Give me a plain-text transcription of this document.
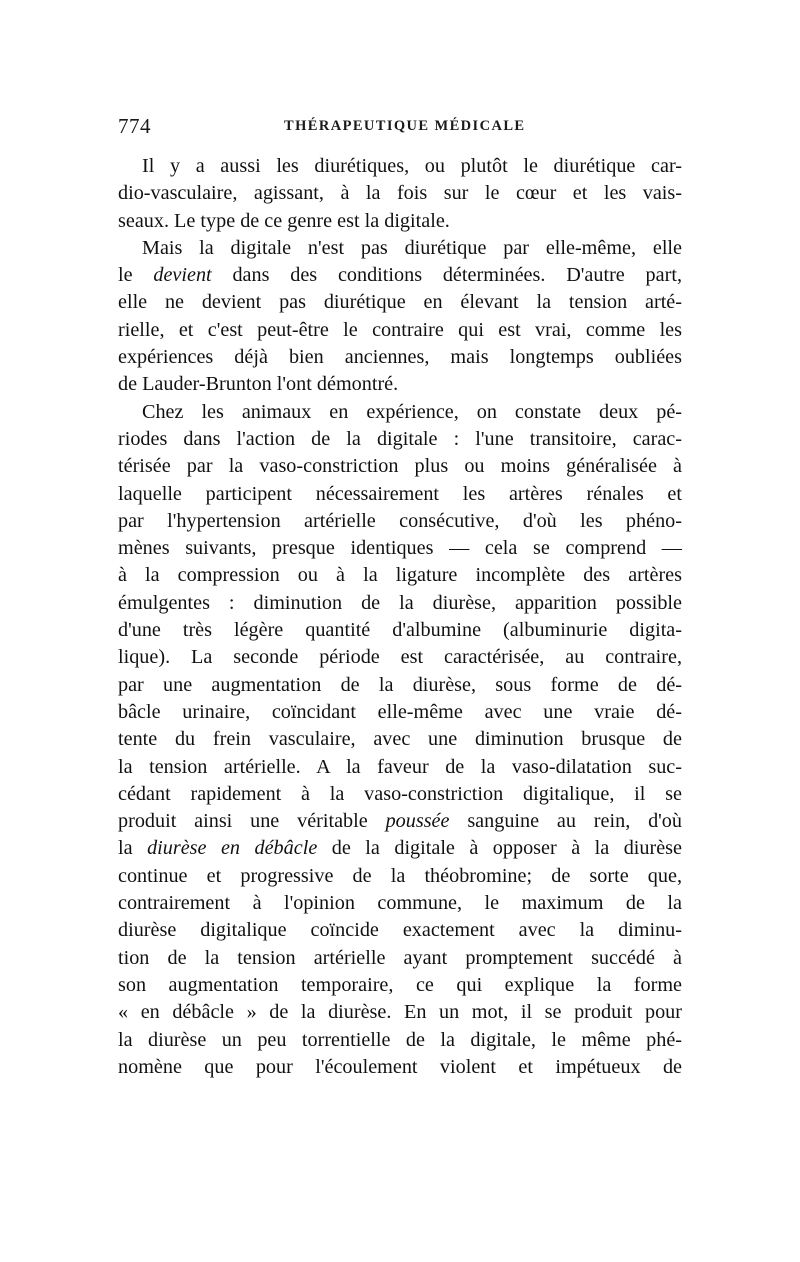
774	THÉRAPEUTIQUE MÉDICALE
Il y a aussi les diurétiques, ou plutôt le diurétique car-
dio-vasculaire, agissant, à la fois sur le cœur et les vais-
seaux. Le type de ce genre est la digitale.
Mais la digitale n'est pas diurétique par elle-même, elle
le devient dans des conditions déterminées. D'autre part,
elle ne devient pas diurétique en élevant la tension arté-
rielle, et c'est peut-être le contraire qui est vrai, comme les
expériences déjà bien anciennes, mais longtemps oubliées
de Lauder-Brunton l'ont démontré.
Chez les animaux en expérience, on constate deux pé-
riodes dans l'action de la digitale : l'une transitoire, carac-
térisée par la vaso-constriction plus ou moins généralisée à
laquelle participent nécessairement les artères rénales et
par l'hypertension artérielle consécutive, d'où les phéno-
mènes suivants, presque identiques — cela se comprend —
à la compression ou à la ligature incomplète des artères
émulgentes : diminution de la diurèse, apparition possible
d'une très légère quantité d'albumine (albuminurie digita-
lique). La seconde période est caractérisée, au contraire,
par une augmentation de la diurèse, sous forme de dé-
bâcle urinaire, coïncidant elle-même avec une vraie dé-
tente du frein vasculaire, avec une diminution brusque de
la tension artérielle. A la faveur de la vaso-dilatation suc-
cédant rapidement à la vaso-constriction digitalique, il se
produit ainsi une véritable poussée sanguine au rein, d'où
la diurèse en débâcle de la digitale à opposer à la diurèse
continue et progressive de la théobromine; de sorte que,
contrairement à l'opinion commune, le maximum de la
diurèse digitalique coïncide exactement avec la diminu-
tion de la tension artérielle ayant promptement succédé à
son augmentation temporaire, ce qui explique la forme
« en débâcle » de la diurèse. En un mot, il se produit pour
la diurèse un peu torrentielle de la digitale, le même phé-
nomène que pour l'écoulement violent et impétueux de
